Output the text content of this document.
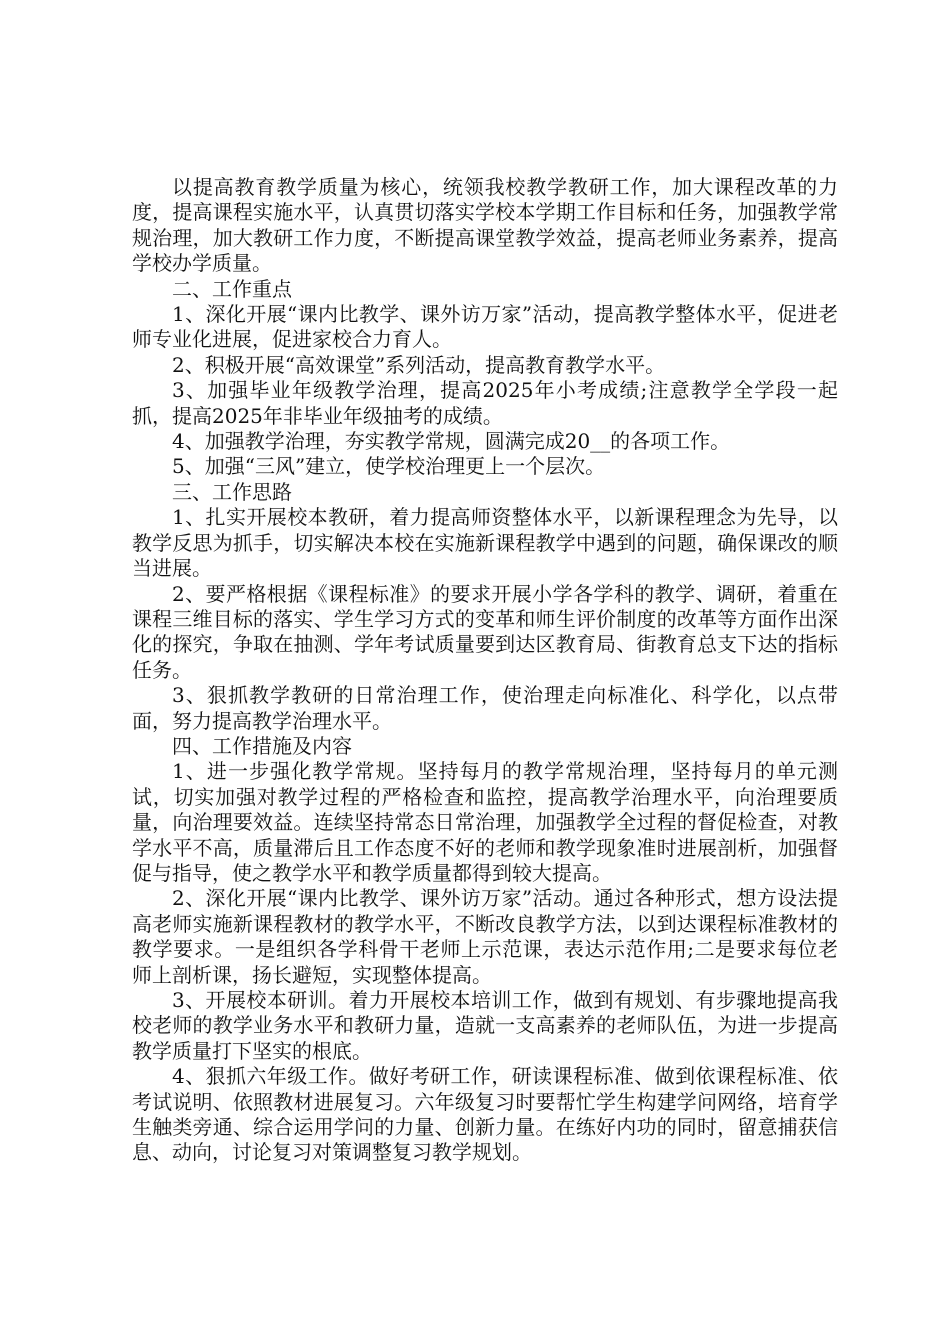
以提高教育教学质量为核心，统领我校教学教研工作，加大课程改革的力度，提高课程实施水平，认真贯切落实学校本学期工作目标和任务，加强教学常规治理，加大教研工作力度，不断提高课堂教学效益，提高老师业务素养，提高学校办学质量。

二、工作重点

1、深化开展“课内比教学、课外访万家”活动，提高教学整体水平，促进老师专业化进展，促进家校合力育人。

2、积极开展“高效课堂”系列活动，提高教育教学水平。

3、加强毕业年级教学治理，提高2025年小考成绩;注意教学全学段一起抓，提高2025年非毕业年级抽考的成绩。

4、加强教学治理，夯实教学常规，圆满完成20__的各项工作。

5、加强“三风”建立，使学校治理更上一个层次。

三、工作思路

1、扎实开展校本教研，着力提高师资整体水平，以新课程理念为先导，以教学反思为抓手，切实解决本校在实施新课程教学中遇到的问题，确保课改的顺当进展。

2、要严格根据《课程标准》的要求开展小学各学科的教学、调研，着重在课程三维目标的落实、学生学习方式的变革和师生评价制度的改革等方面作出深化的探究，争取在抽测、学年考试质量要到达区教育局、街教育总支下达的指标任务。

3、狠抓教学教研的日常治理工作，使治理走向标准化、科学化，以点带面，努力提高教学治理水平。

四、工作措施及内容

1、进一步强化教学常规。坚持每月的教学常规治理，坚持每月的单元测试，切实加强对教学过程的严格检查和监控，提高教学治理水平，向治理要质量，向治理要效益。连续坚持常态日常治理，加强教学全过程的督促检查，对教学水平不高，质量滞后且工作态度不好的老师和教学现象准时进展剖析，加强督促与指导，使之教学水平和教学质量都得到较大提高。

2、深化开展“课内比教学、课外访万家”活动。通过各种形式，想方设法提高老师实施新课程教材的教学水平，不断改良教学方法，以到达课程标准教材的教学要求。一是组织各学科骨干老师上示范课，表达示范作用;二是要求每位老师上剖析课，扬长避短，实现整体提高。

3、开展校本研训。着力开展校本培训工作，做到有规划、有步骤地提高我校老师的教学业务水平和教研力量，造就一支高素养的老师队伍，为进一步提高教学质量打下坚实的根底。

4、狠抓六年级工作。做好考研工作，研读课程标准、做到依课程标准、依考试说明、依照教材进展复习。六年级复习时要帮忙学生构建学问网络，培育学生触类旁通、综合运用学问的力量、创新力量。在练好内功的同时，留意捕获信息、动向，讨论复习对策调整复习教学规划。
